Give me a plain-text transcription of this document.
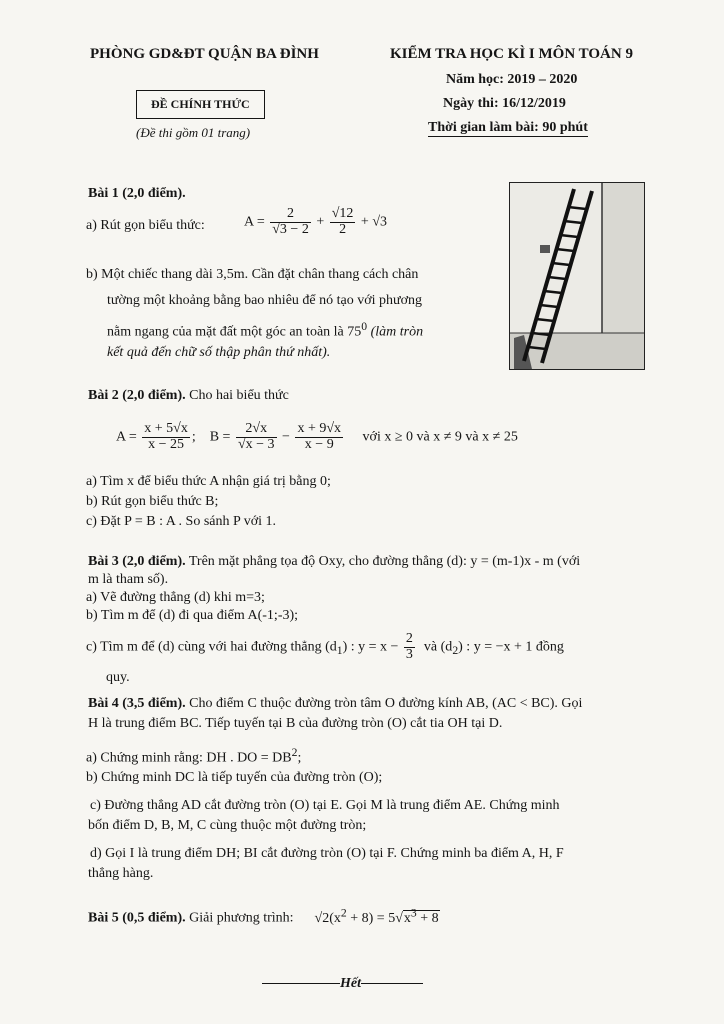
PHÒNG GD&ĐT QUẬN BA ĐÌNH
ĐỀ CHÍNH THỨC
(Đề thi gồm 01 trang)
KIỂM TRA HỌC KÌ I MÔN TOÁN 9
Năm học: 2019 – 2020
Ngày thi: 16/12/2019
Thời gian làm bài: 90 phút
Bài 1 (2,0 điểm).
a) Rút gọn biểu thức:	$A = \frac{2}{√3 - 2} + \frac{√12}{2} + √3$
b) Một chiếc thang dài 3,5m. Cần đặt chân thang cách chân
tường một khoảng bằng bao nhiêu để nó tạo với phương
nằm ngang của mặt đất một góc an toàn là $75^0$ (làm tròn
kết quả đến chữ số thập phân thứ nhất).
Bài 2 (2,0 điểm). Cho hai biểu thức
$A = \frac{x + 5√x}{x - 25}$ ; $B = \frac{2√x}{√x - 3} - \frac{x + 9√x}{x - 9}$ với x ≥ 0 và x ≠ 9 và x ≠ 25
a) Tìm x để biểu thức A nhận giá trị bằng 0;
b) Rút gọn biểu thức B;
c) Đặt P = B : A . So sánh P với 1.
Bài 3 (2,0 điểm). Trên mặt phẳng tọa độ Oxy, cho đường thẳng (d): y = (m-1)x - m (với
m là tham số).
a) Vẽ đường thẳng (d) khi m=3;
b) Tìm m để (d) đi qua điểm A(-1;-3);
c) Tìm m để (d) cùng với hai đường thẳng $(d_1)$ : $y = x - \frac{2}{3}$ và $(d_2)$ : y = −x + 1 đồng
quy.
Bài 4 (3,5 điểm). Cho điểm C thuộc đường tròn tâm O đường kính AB, (AC < BC). Gọi
H là trung điểm BC. Tiếp tuyến tại B của đường tròn (O) cắt tia OH tại D.
a) Chứng minh rằng: DH . DO = $DB^2$;
b) Chứng minh DC là tiếp tuyến của đường tròn (O);
c) Đường thẳng AD cắt đường tròn (O) tại E. Gọi M là trung điểm AE. Chứng minh
bốn điểm D, B, M, C cùng thuộc một đường tròn;
d) Gọi I là trung điểm DH; BI cắt đường tròn (O) tại F. Chứng minh ba điểm A, H, F
thẳng hàng.
Bài 5 (0,5 điểm). Giải phương trình: $√2(x^2 + 8) = 5√x^3 + 8$
Hết
